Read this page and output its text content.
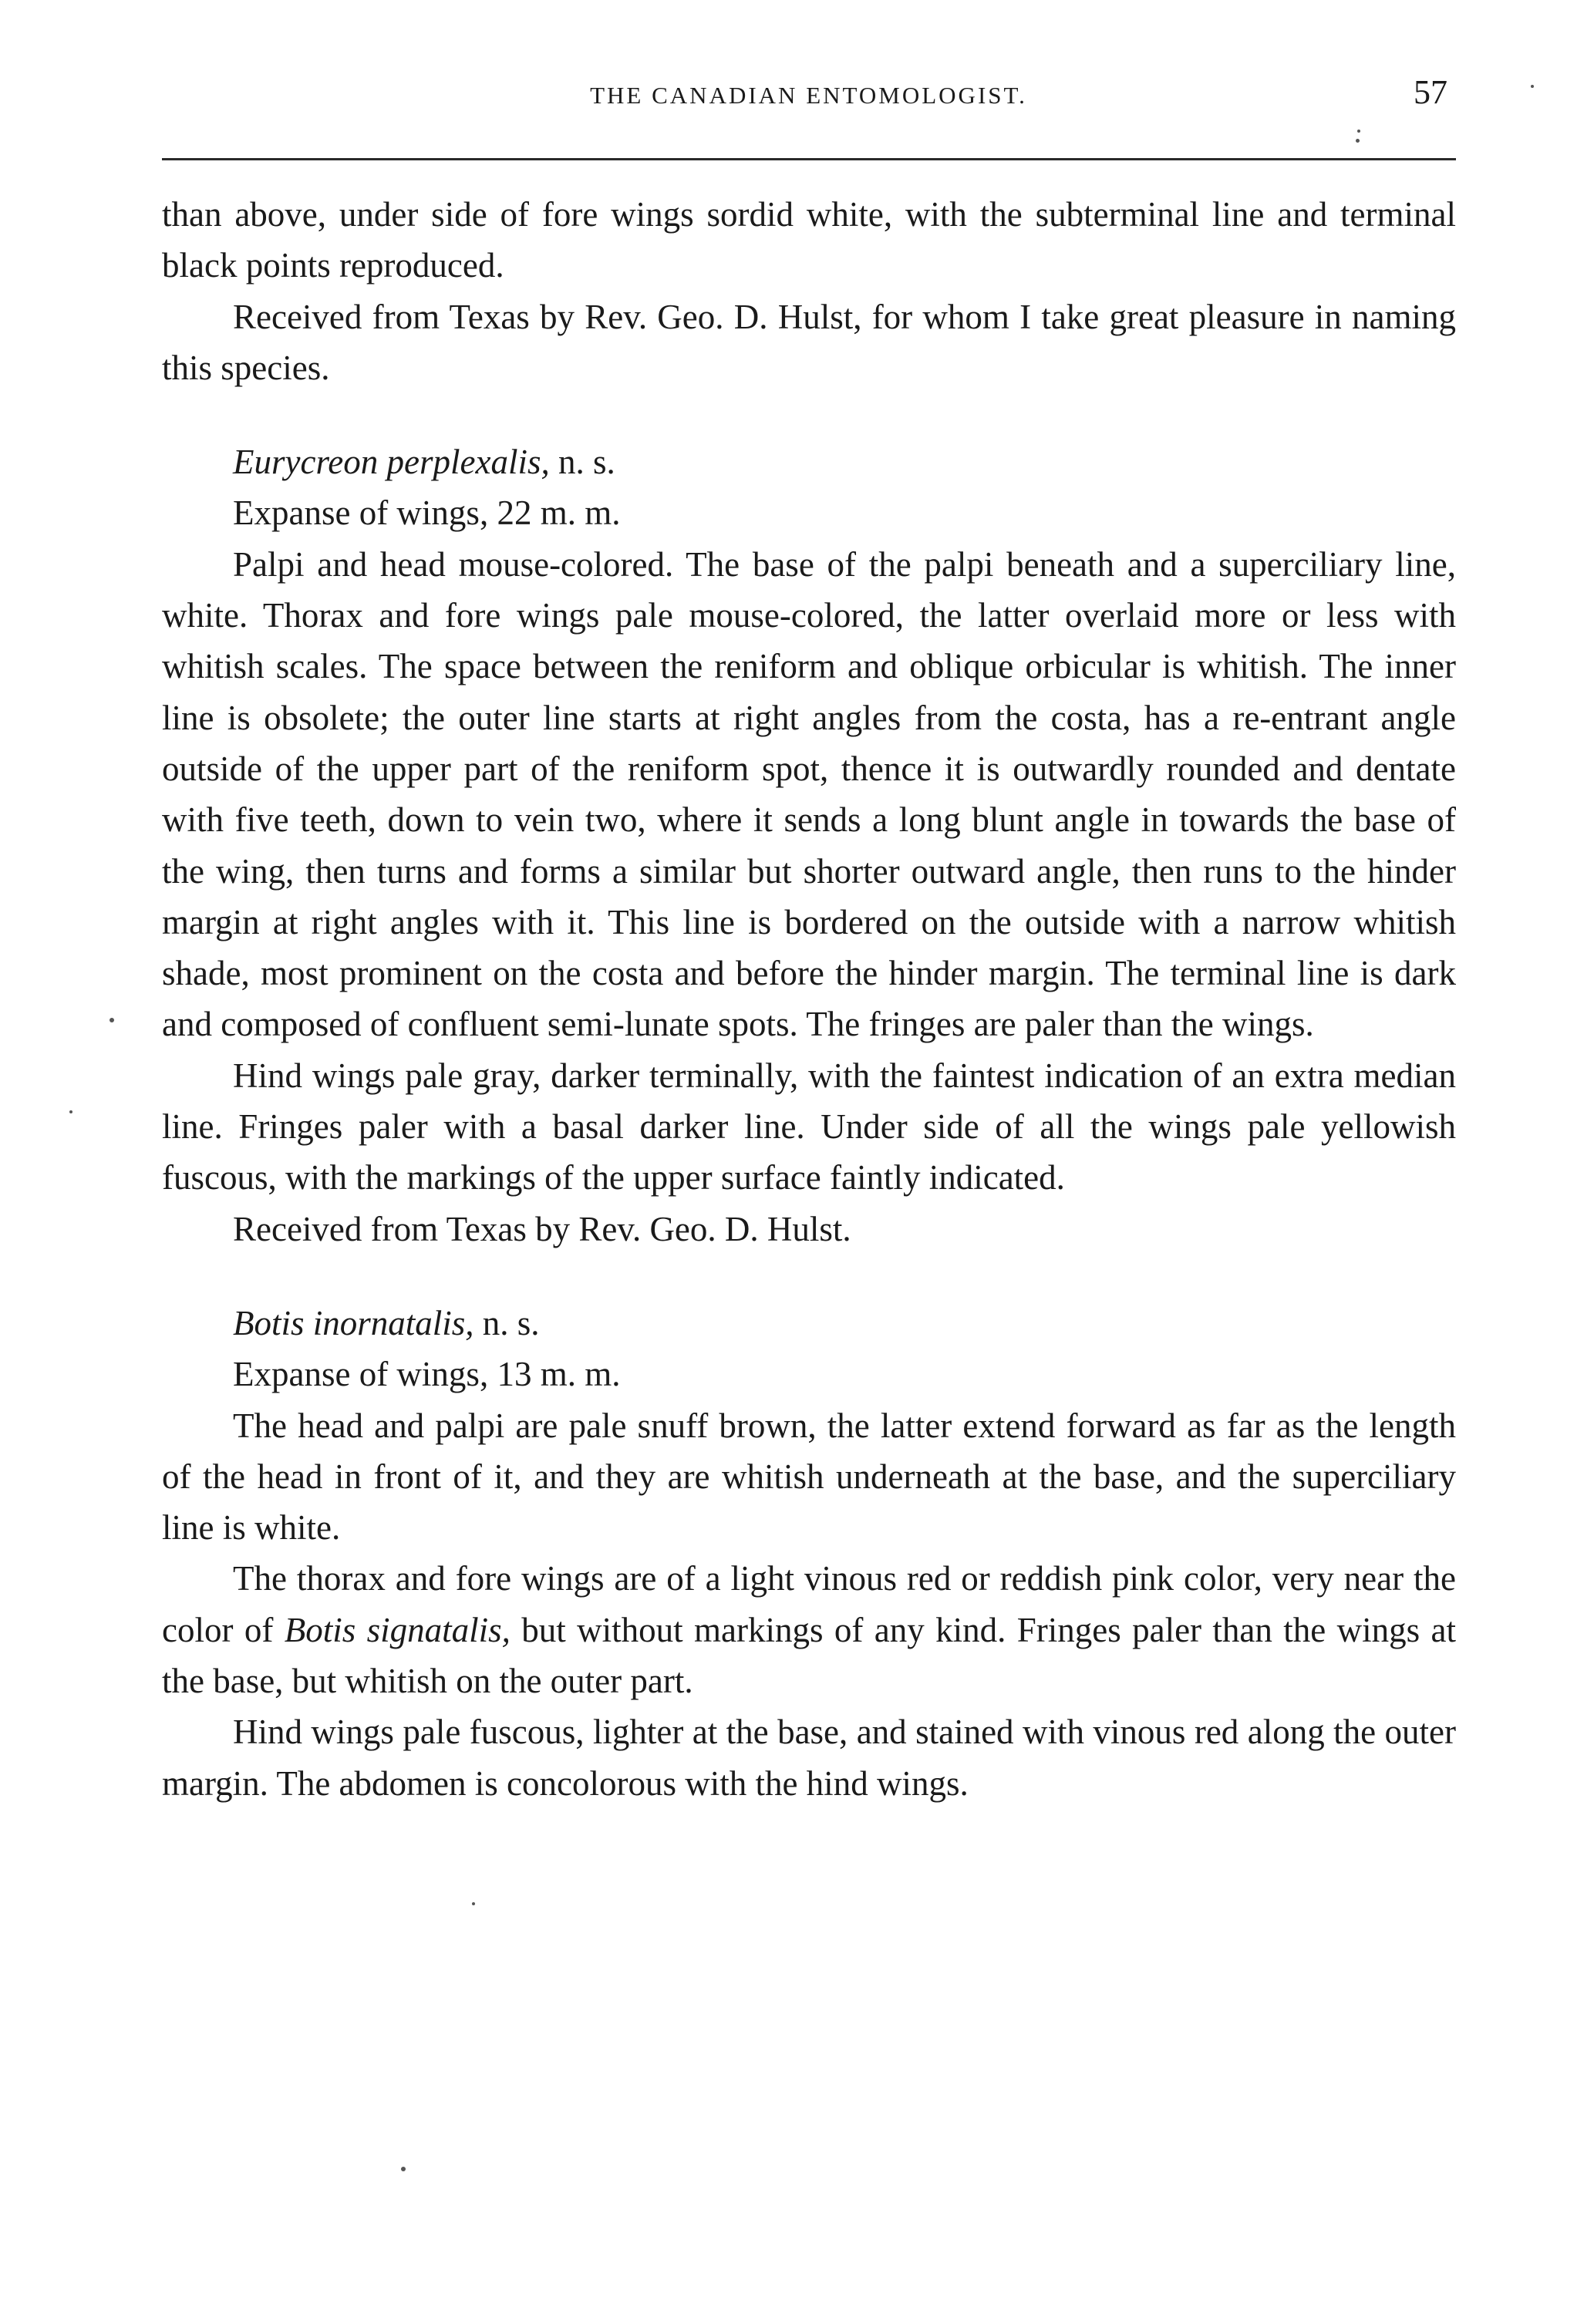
THE CANADIAN ENTOMOLOGIST.	57

than above, under side of fore wings sordid white, with the subterminal line and terminal black points reproduced.

Received from Texas by Rev. Geo. D. Hulst, for whom I take great pleasure in naming this species.

Eurycreon perplexalis, n. s.

Expanse of wings, 22 m. m.

Palpi and head mouse-colored. The base of the palpi beneath and a superciliary line, white. Thorax and fore wings pale mouse-colored, the latter overlaid more or less with whitish scales. The space between the reniform and oblique orbicular is whitish. The inner line is obsolete; the outer line starts at right angles from the costa, has a re-entrant angle outside of the upper part of the reniform spot, thence it is outwardly rounded and dentate with five teeth, down to vein two, where it sends a long blunt angle in towards the base of the wing, then turns and forms a similar but shorter outward angle, then runs to the hinder margin at right angles with it. This line is bordered on the outside with a narrow whitish shade, most prominent on the costa and before the hinder margin. The terminal line is dark and composed of confluent semi-lunate spots. The fringes are paler than the wings.

Hind wings pale gray, darker terminally, with the faintest indication of an extra median line. Fringes paler with a basal darker line. Under side of all the wings pale yellowish fuscous, with the markings of the upper surface faintly indicated.

Received from Texas by Rev. Geo. D. Hulst.

Botis inornatalis, n. s.

Expanse of wings, 13 m. m.

The head and palpi are pale snuff brown, the latter extend forward as far as the length of the head in front of it, and they are whitish underneath at the base, and the superciliary line is white.

The thorax and fore wings are of a light vinous red or reddish pink color, very near the color of Botis signatalis, but without markings of any kind. Fringes paler than the wings at the base, but whitish on the outer part.

Hind wings pale fuscous, lighter at the base, and stained with vinous red along the outer margin. The abdomen is concolorous with the hind wings.
